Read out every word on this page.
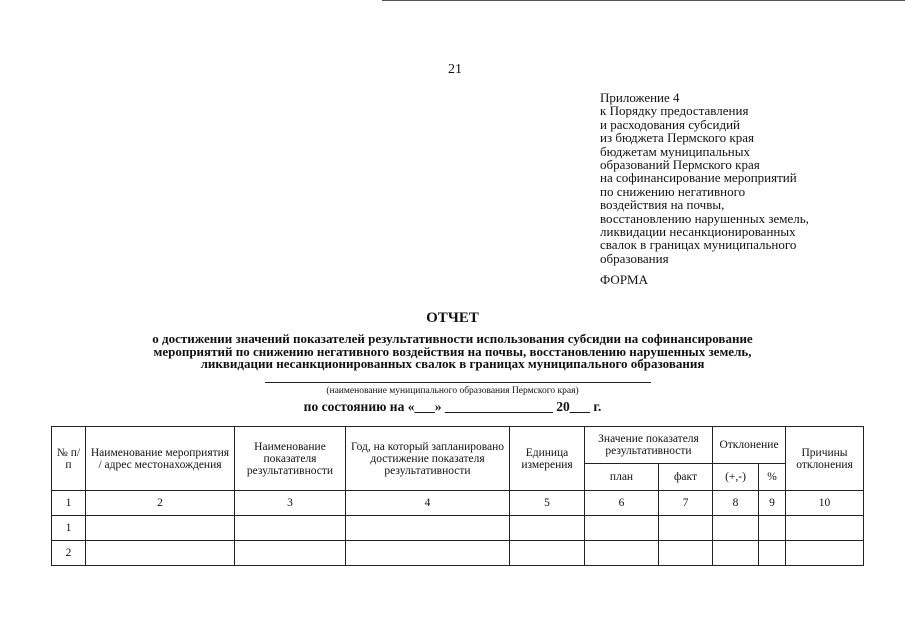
21
Приложение 4
к Порядку предоставления
и расходования субсидий
из бюджета Пермского края
бюджетам муниципальных
образований Пермского края
на софинансирование мероприятий
по снижению негативного
воздействия на почвы,
восстановлению нарушенных земель,
ликвидации несанкционированных
свалок в границах муниципального
образования
ФОРМА
ОТЧЕТ
о достижении значений показателей результативности использования субсидии на софинансирование
мероприятий по снижению негативного воздействия на почвы, восстановлению нарушенных земель,
ликвидации несанкционированных свалок в границах муниципального образования
(наименование муниципального образования Пермского края)
по состоянию на «___» ________________ 20___ г.
№ п/п	Наименование мероприятия / адрес местонахождения	Наименование показателя результативности	Год, на который запланировано достижение показателя результативности	Единица измерения	Значение показателя результативности		Отклонение		Причины отклонения
					план	факт	(+,-)	%	
1	2	3	4	5	6	7	8	9	10
1									
2									
